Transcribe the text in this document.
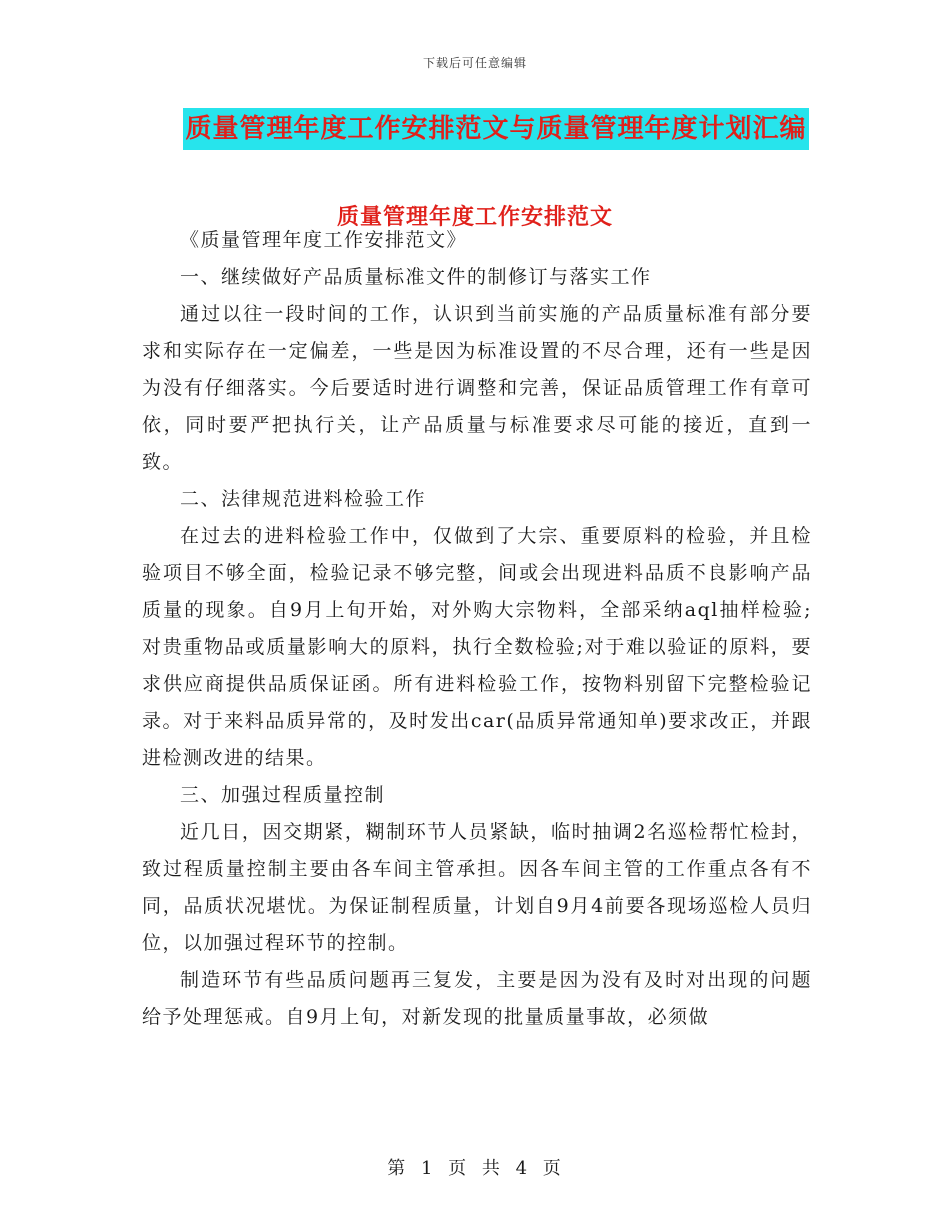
下载后可任意编辑
质量管理年度工作安排范文与质量管理年度计划汇编
质量管理年度工作安排范文

《质量管理年度工作安排范文》

一、继续做好产品质量标准文件的制修订与落实工作

通过以往一段时间的工作，认识到当前实施的产品质量标准有部分要求和实际存在一定偏差，一些是因为标准设置的不尽合理，还有一些是因为没有仔细落实。今后要适时进行调整和完善，保证品质管理工作有章可依，同时要严把执行关，让产品质量与标准要求尽可能的接近，直到一致。

二、法律规范进料检验工作

在过去的进料检验工作中，仅做到了大宗、重要原料的检验，并且检验项目不够全面，检验记录不够完整，间或会出现进料品质不良影响产品质量的现象。自9月上旬开始，对外购大宗物料，全部采纳aql抽样检验;对贵重物品或质量影响大的原料，执行全数检验;对于难以验证的原料，要求供应商提供品质保证函。所有进料检验工作，按物料别留下完整检验记录。对于来料品质异常的，及时发出car(品质异常通知单)要求改正，并跟进检测改进的结果。

三、加强过程质量控制

近几日，因交期紧，糊制环节人员紧缺，临时抽调2名巡检帮忙检封，致过程质量控制主要由各车间主管承担。因各车间主管的工作重点各有不同，品质状况堪忧。为保证制程质量，计划自9月4前要各现场巡检人员归位，以加强过程环节的控制。

制造环节有些品质问题再三复发，主要是因为没有及时对出现的问题给予处理惩戒。自9月上旬，对新发现的批量质量事故，必须做

第 1 页 共 4 页
